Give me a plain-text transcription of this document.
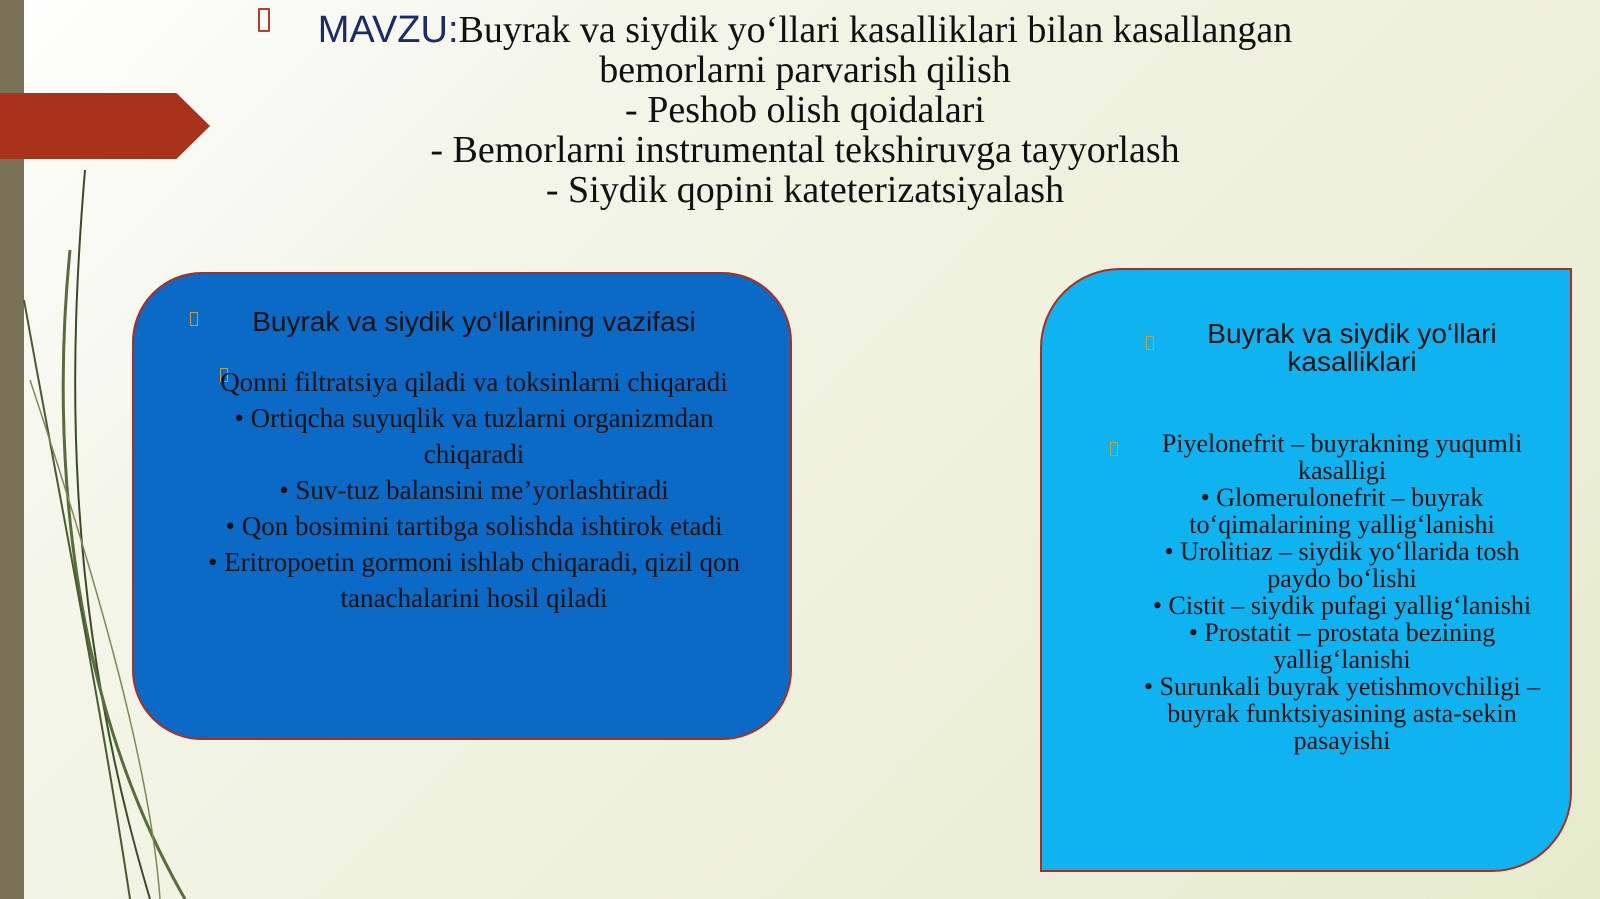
MAVZU:Buyrak va siydik yo‘llari kasalliklari bilan kasallangan
bemorlarni parvarish qilish
- Peshob olish qoidalari
- Bemorlarni instrumental tekshiruvga tayyorlash
- Siydik qopini kateterizatsiyalash
Buyrak va siydik yo‘llarining vazifasi
Qonni filtratsiya qiladi va toksinlarni chiqaradi
• Ortiqcha suyuqlik va tuzlarni organizmdan chiqaradi
• Suv-tuz balansini me’yorlashtiradi
• Qon bosimini tartibga solishda ishtirok etadi
• Eritropoetin gormoni ishlab chiqaradi, qizil qon tanachalarini hosil qiladi
Buyrak va siydik yo‘llari kasalliklari
Piyelonefrit – buyrakning yuqumli kasalligi
• Glomerulonefrit – buyrak to‘qimalarining yallig‘lanishi
• Urolitiaz – siydik yo‘llarida tosh paydo bo‘lishi
• Cistit – siydik pufagi yallig‘lanishi
• Prostatit – prostata bezining yallig‘lanishi
• Surunkali buyrak yetishmovchiligi – buyrak funktsiyasining asta-sekin pasayishi
